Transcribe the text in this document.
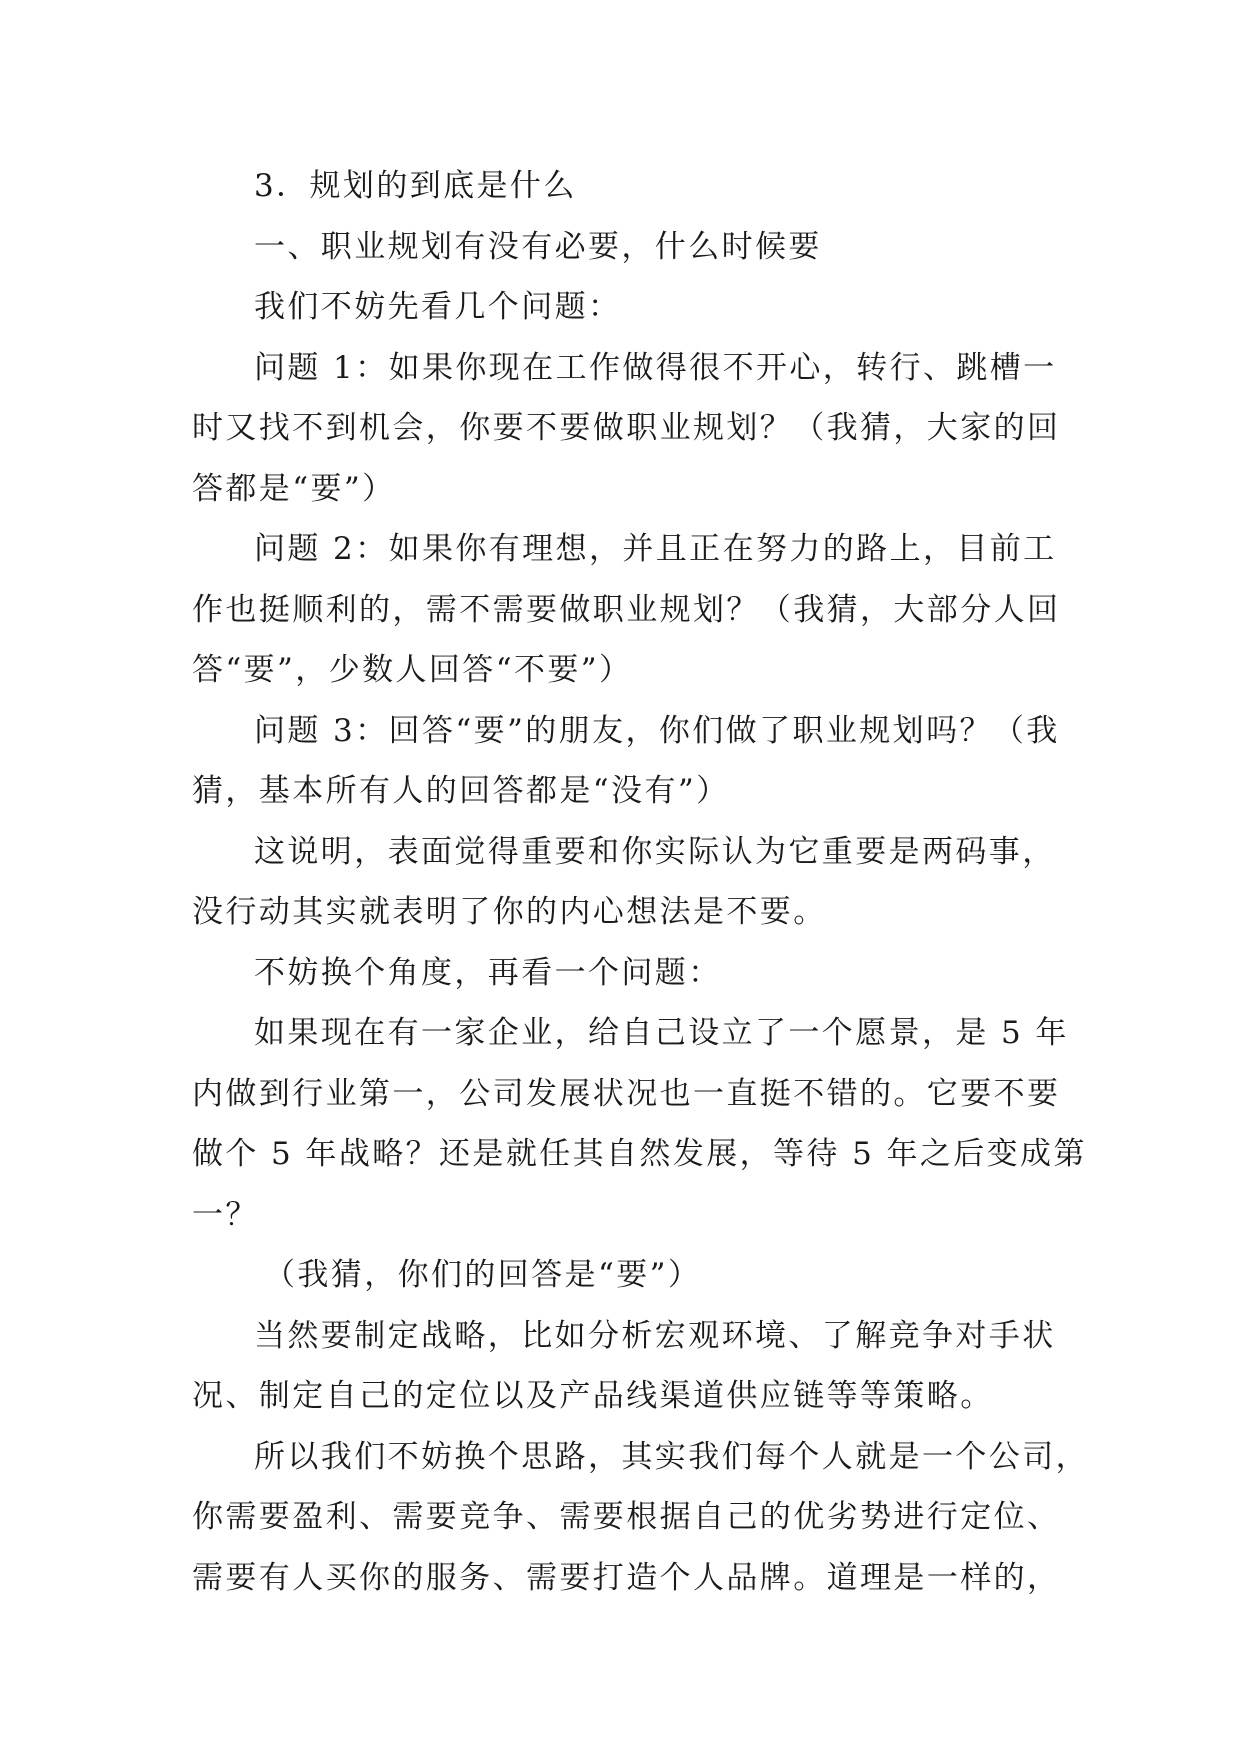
3．规划的到底是什么
一、职业规划有没有必要，什么时候要
我们不妨先看几个问题：
问题 1：如果你现在工作做得很不开心，转行、跳槽一
时又找不到机会，你要不要做职业规划？（我猜，大家的回
答都是“要”）
问题 2：如果你有理想，并且正在努力的路上，目前工
作也挺顺利的，需不需要做职业规划？（我猜，大部分人回
答“要”，少数人回答“不要”）
问题 3：回答“要”的朋友，你们做了职业规划吗？（我
猜，基本所有人的回答都是“没有”）
这说明，表面觉得重要和你实际认为它重要是两码事，
没行动其实就表明了你的内心想法是不要。
不妨换个角度，再看一个问题：
如果现在有一家企业，给自己设立了一个愿景，是 5 年
内做到行业第一，公司发展状况也一直挺不错的。它要不要
做个 5 年战略？还是就任其自然发展，等待 5 年之后变成第
一？
（我猜，你们的回答是“要”）
当然要制定战略，比如分析宏观环境、了解竞争对手状
况、制定自己的定位以及产品线渠道供应链等等策略。
所以我们不妨换个思路，其实我们每个人就是一个公司，
你需要盈利、需要竞争、需要根据自己的优劣势进行定位、
需要有人买你的服务、需要打造个人品牌。道理是一样的，
